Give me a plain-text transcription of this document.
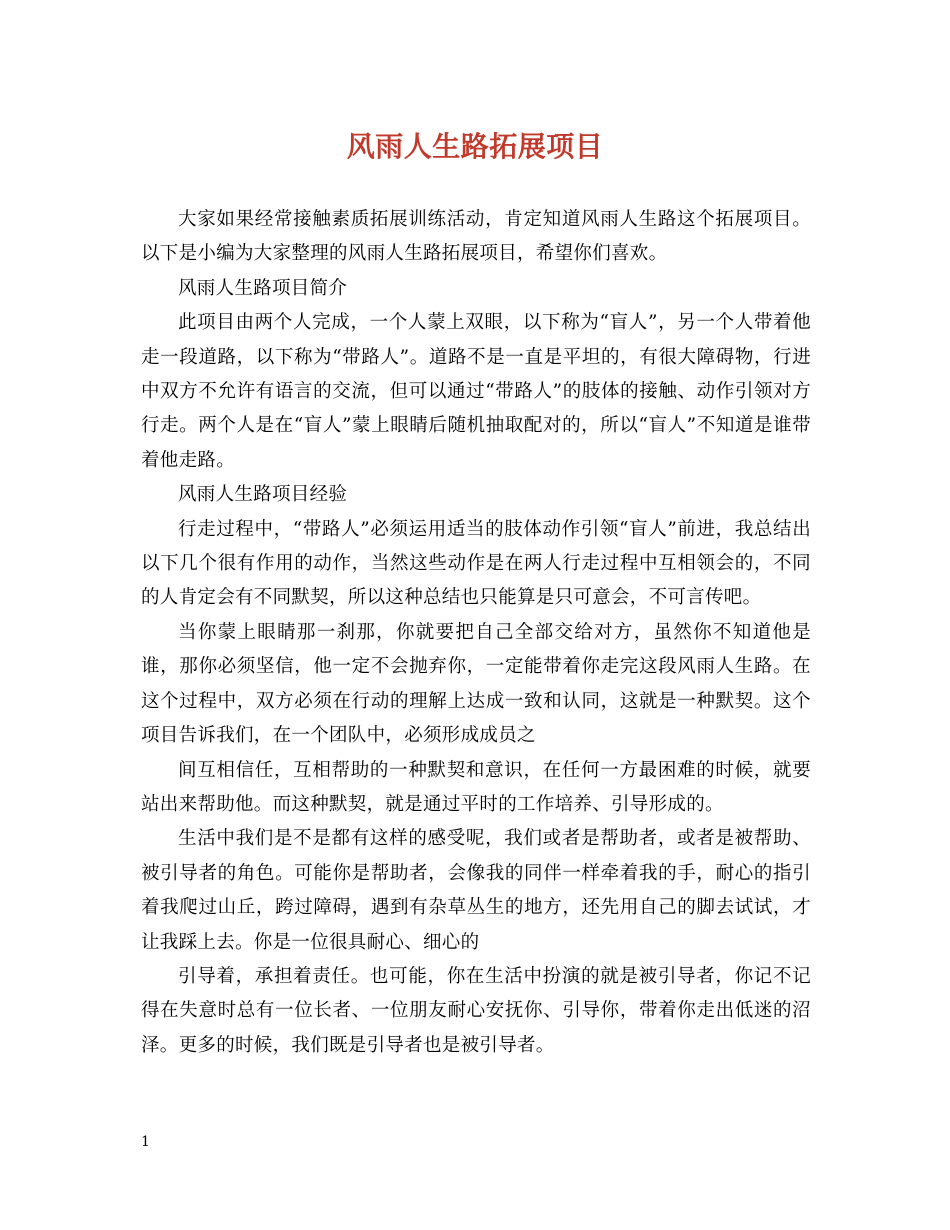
风雨人生路拓展项目

大家如果经常接触素质拓展训练活动，肯定知道风雨人生路这个拓展项目。以下是小编为大家整理的风雨人生路拓展项目，希望你们喜欢。

风雨人生路项目简介

此项目由两个人完成，一个人蒙上双眼，以下称为“盲人”，另一个人带着他走一段道路，以下称为“带路人”。道路不是一直是平坦的，有很大障碍物，行进中双方不允许有语言的交流，但可以通过“带路人”的肢体的接触、动作引领对方行走。两个人是在“盲人”蒙上眼睛后随机抽取配对的，所以“盲人”不知道是谁带着他走路。

风雨人生路项目经验

行走过程中，“带路人”必须运用适当的肢体动作引领“盲人”前进，我总结出以下几个很有作用的动作，当然这些动作是在两人行走过程中互相领会的，不同的人肯定会有不同默契，所以这种总结也只能算是只可意会，不可言传吧。

当你蒙上眼睛那一刹那，你就要把自己全部交给对方，虽然你不知道他是谁，那你必须坚信，他一定不会抛弃你，一定能带着你走完这段风雨人生路。在这个过程中，双方必须在行动的理解上达成一致和认同，这就是一种默契。这个项目告诉我们，在一个团队中，必须形成成员之

间互相信任，互相帮助的一种默契和意识，在任何一方最困难的时候，就要站出来帮助他。而这种默契，就是通过平时的工作培养、引导形成的。

生活中我们是不是都有这样的感受呢，我们或者是帮助者，或者是被帮助、被引导者的角色。可能你是帮助者，会像我的同伴一样牵着我的手，耐心的指引着我爬过山丘，跨过障碍，遇到有杂草丛生的地方，还先用自己的脚去试试，才让我踩上去。你是一位很具耐心、细心的

引导着，承担着责任。也可能，你在生活中扮演的就是被引导者，你记不记得在失意时总有一位长者、一位朋友耐心安抚你、引导你，带着你走出低迷的沼泽。更多的时候，我们既是引导者也是被引导者。

1
